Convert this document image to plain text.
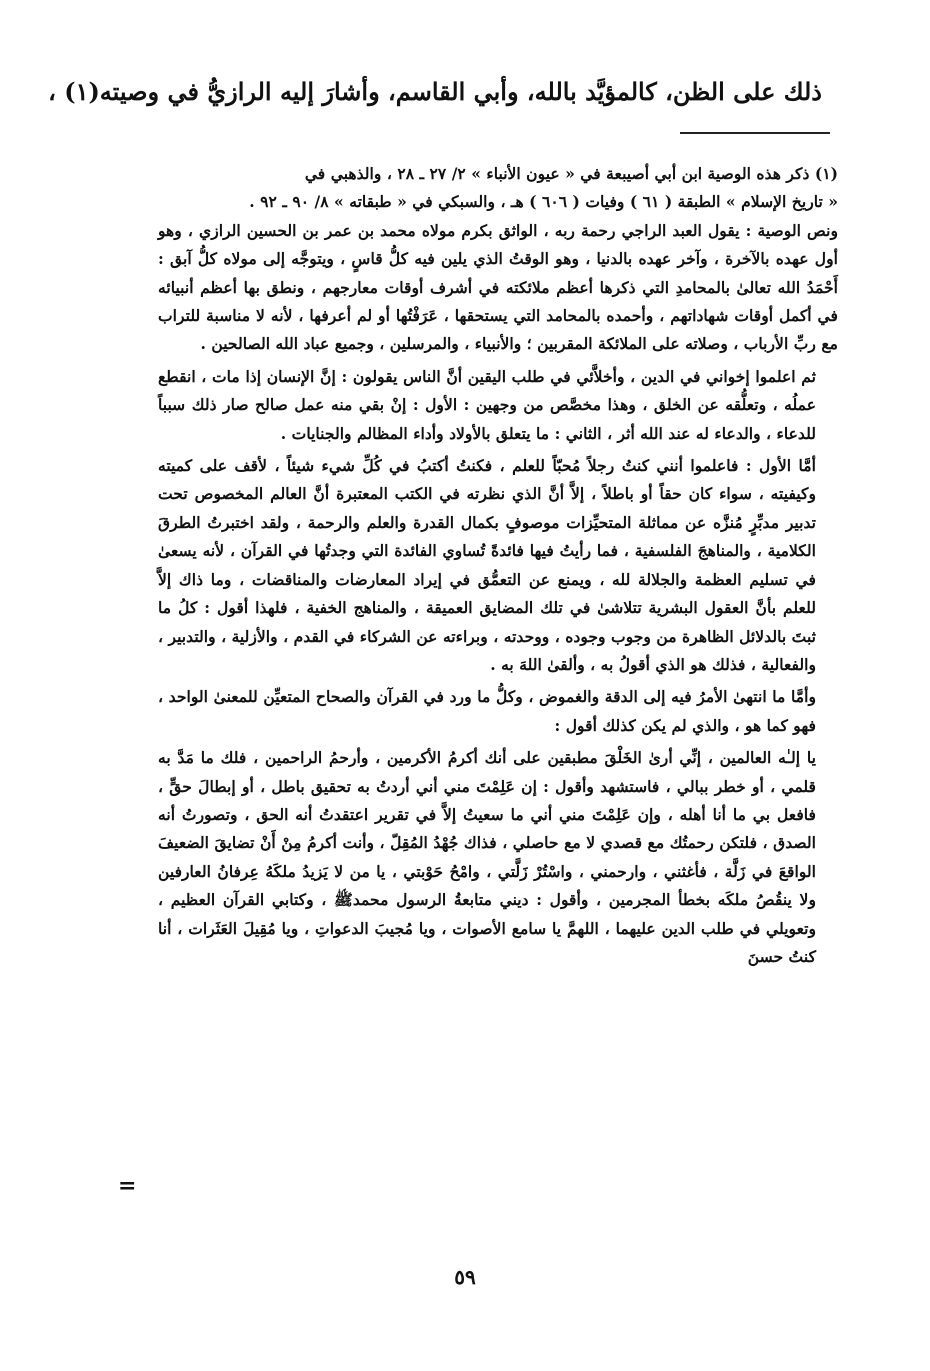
ذلك على الظن، كالمؤيَّد بالله، وأبي القاسم، وأشارَ إليه الرازيُّ في وصيته(١) ،

(١) ذكر هذه الوصية ابن أبي أصيبعة في « عيون الأنباء » ٢/ ٢٧ ـ ٢٨ ، والذهبي في

« تاريخ الإسلام » الطبقة ( ٦١ ) وفيات ( ٦٠٦ ) هـ ، والسبكي في « طبقاته » ٨/ ٩٠ ـ ٩٢ .

ونص الوصية : يقول العبد الراجي رحمة ربه ، الواثق بكرم مولاه محمد بن عمر بن الحسين الرازي ، وهو أول عهده بالآخرة ، وآخر عهده بالدنيا ، وهو الوقتُ الذي يلين فيه كلُّ قاسٍ ، ويتوجَّه إلى مولاه كلُّ آبق : أَحْمَدُ الله تعالىٰ بالمحامدِ التي ذكرها أعظم ملائكته في أشرف أوقات معارجهم ، ونطق بها أعظم أنبيائه في أكمل أوقات شهاداتهم ، وأحمده بالمحامد التي يستحقها ، عَرَفْتُها أو لم أعرفها ، لأنه لا مناسبة للتراب مع ربِّ الأرباب ، وصلاته على الملائكة المقربين ؛ والأنبياء ، والمرسلين ، وجميع عباد الله الصالحين .

ثم اعلموا إخواني في الدين ، وأخلاَّئي في طلب اليقين أنَّ الناس يقولون : إنَّ الإنسان إذا مات ، انقطع عملُه ، وتعلُّقه عن الخلق ، وهذا مخصَّص من وجهين : الأول : إنْ بقي منه عمل صالح صار ذلك سبباً للدعاء ، والدعاء له عند الله أثر ، الثاني : ما يتعلق بالأولاد وأداء المظالم والجنايات .

أمَّا الأول : فاعلموا أنني كنتُ رجلاً مُحبّاً للعلم ، فكنتُ أكتبُ في كُلِّ شيء شيئاً ، لأقف على كميته وكيفيته ، سواء كان حقاً أو باطلاً ، إلاَّ أنَّ الذي نظرته في الكتب المعتبرة أنَّ العالم المخصوص تحت تدبير مدبِّرٍ مُنزَّه عن مماثلة المتحيِّزات موصوفٍ بكمال القدرة والعلم والرحمة ، ولقد اختبرتُ الطرقَ الكلامية ، والمناهجَ الفلسفية ، فما رأيتُ فيها فائدةً تُساوي الفائدة التي وجدتُها في القرآن ، لأنه يسعىٰ في تسليم العظمة والجلالة لله ، ويمنع عن التعمُّق في إيراد المعارضات والمناقضات ، وما ذاك إلاَّ للعلم بأنَّ العقول البشرية تتلاشىٰ في تلك المضايق العميقة ، والمناهج الخفية ، فلهذا أقول : كلُ ما ثبتَ بالدلائل الظاهرة من وجوب وجوده ، ووحدته ، وبراءته عن الشركاء في القدم ، والأزلية ، والتدبير ، والفعالية ، فذلك هو الذي أقولُ به ، وألقىٰ اللهَ به .

وأمَّا ما انتهىٰ الأمرُ فيه إلى الدقة والغموض ، وكلُّ ما ورد في القرآن والصحاح المتعيِّن للمعنىٰ الواحد ، فهو كما هو ، والذي لم يكن كذلك أقول :

يا إلـٰه العالمين ، إنِّي أرىٰ الخَلْقَ مطبقين على أنك أكرمُ الأكرمين ، وأرحمُ الراحمين ، فلك ما مَدَّ به قلمي ، أو خطر ببالي ، فاستشهد وأقول : إن عَلِمْتَ مني أني أردتُ به تحقيق باطل ، أو إبطالَ حقٍّ ، فافعل بي ما أنا أهله ، وإن عَلِمْتَ مني أني ما سعيتُ إلاَّ في تقرير اعتقدتُ أنه الحق ، وتصورتُ أنه الصدق ، فلتكن رحمتُك مع قصدي لا مع حاصلي ، فذاك جُهْدُ المُقِلّ ، وأنت أكرمُ مِنْ أَنْ تضايقَ الضعيفَ الواقعَ في زَلَّة ، فأغثني ، وارحمني ، واسْتُرْ زَلَّتي ، وامْحُ حَوْبتي ، يا من لا يَزيدُ ملكَهُ عِرفانُ العارفين ولا ينقُصُ ملكَه بخطأ المجرمين ، وأقول : ديني متابعةُ الرسول محمدﷺ ، وكتابي القرآن العظيم ، وتعويلي في طلب الدين عليهما ، اللهمَّ يا سامع الأصوات ، ويا مُجيبَ الدعواتِ ، ويا مُقِيلَ العَثَرات ، أنا كنتُ حسنَ

=
٥٩
